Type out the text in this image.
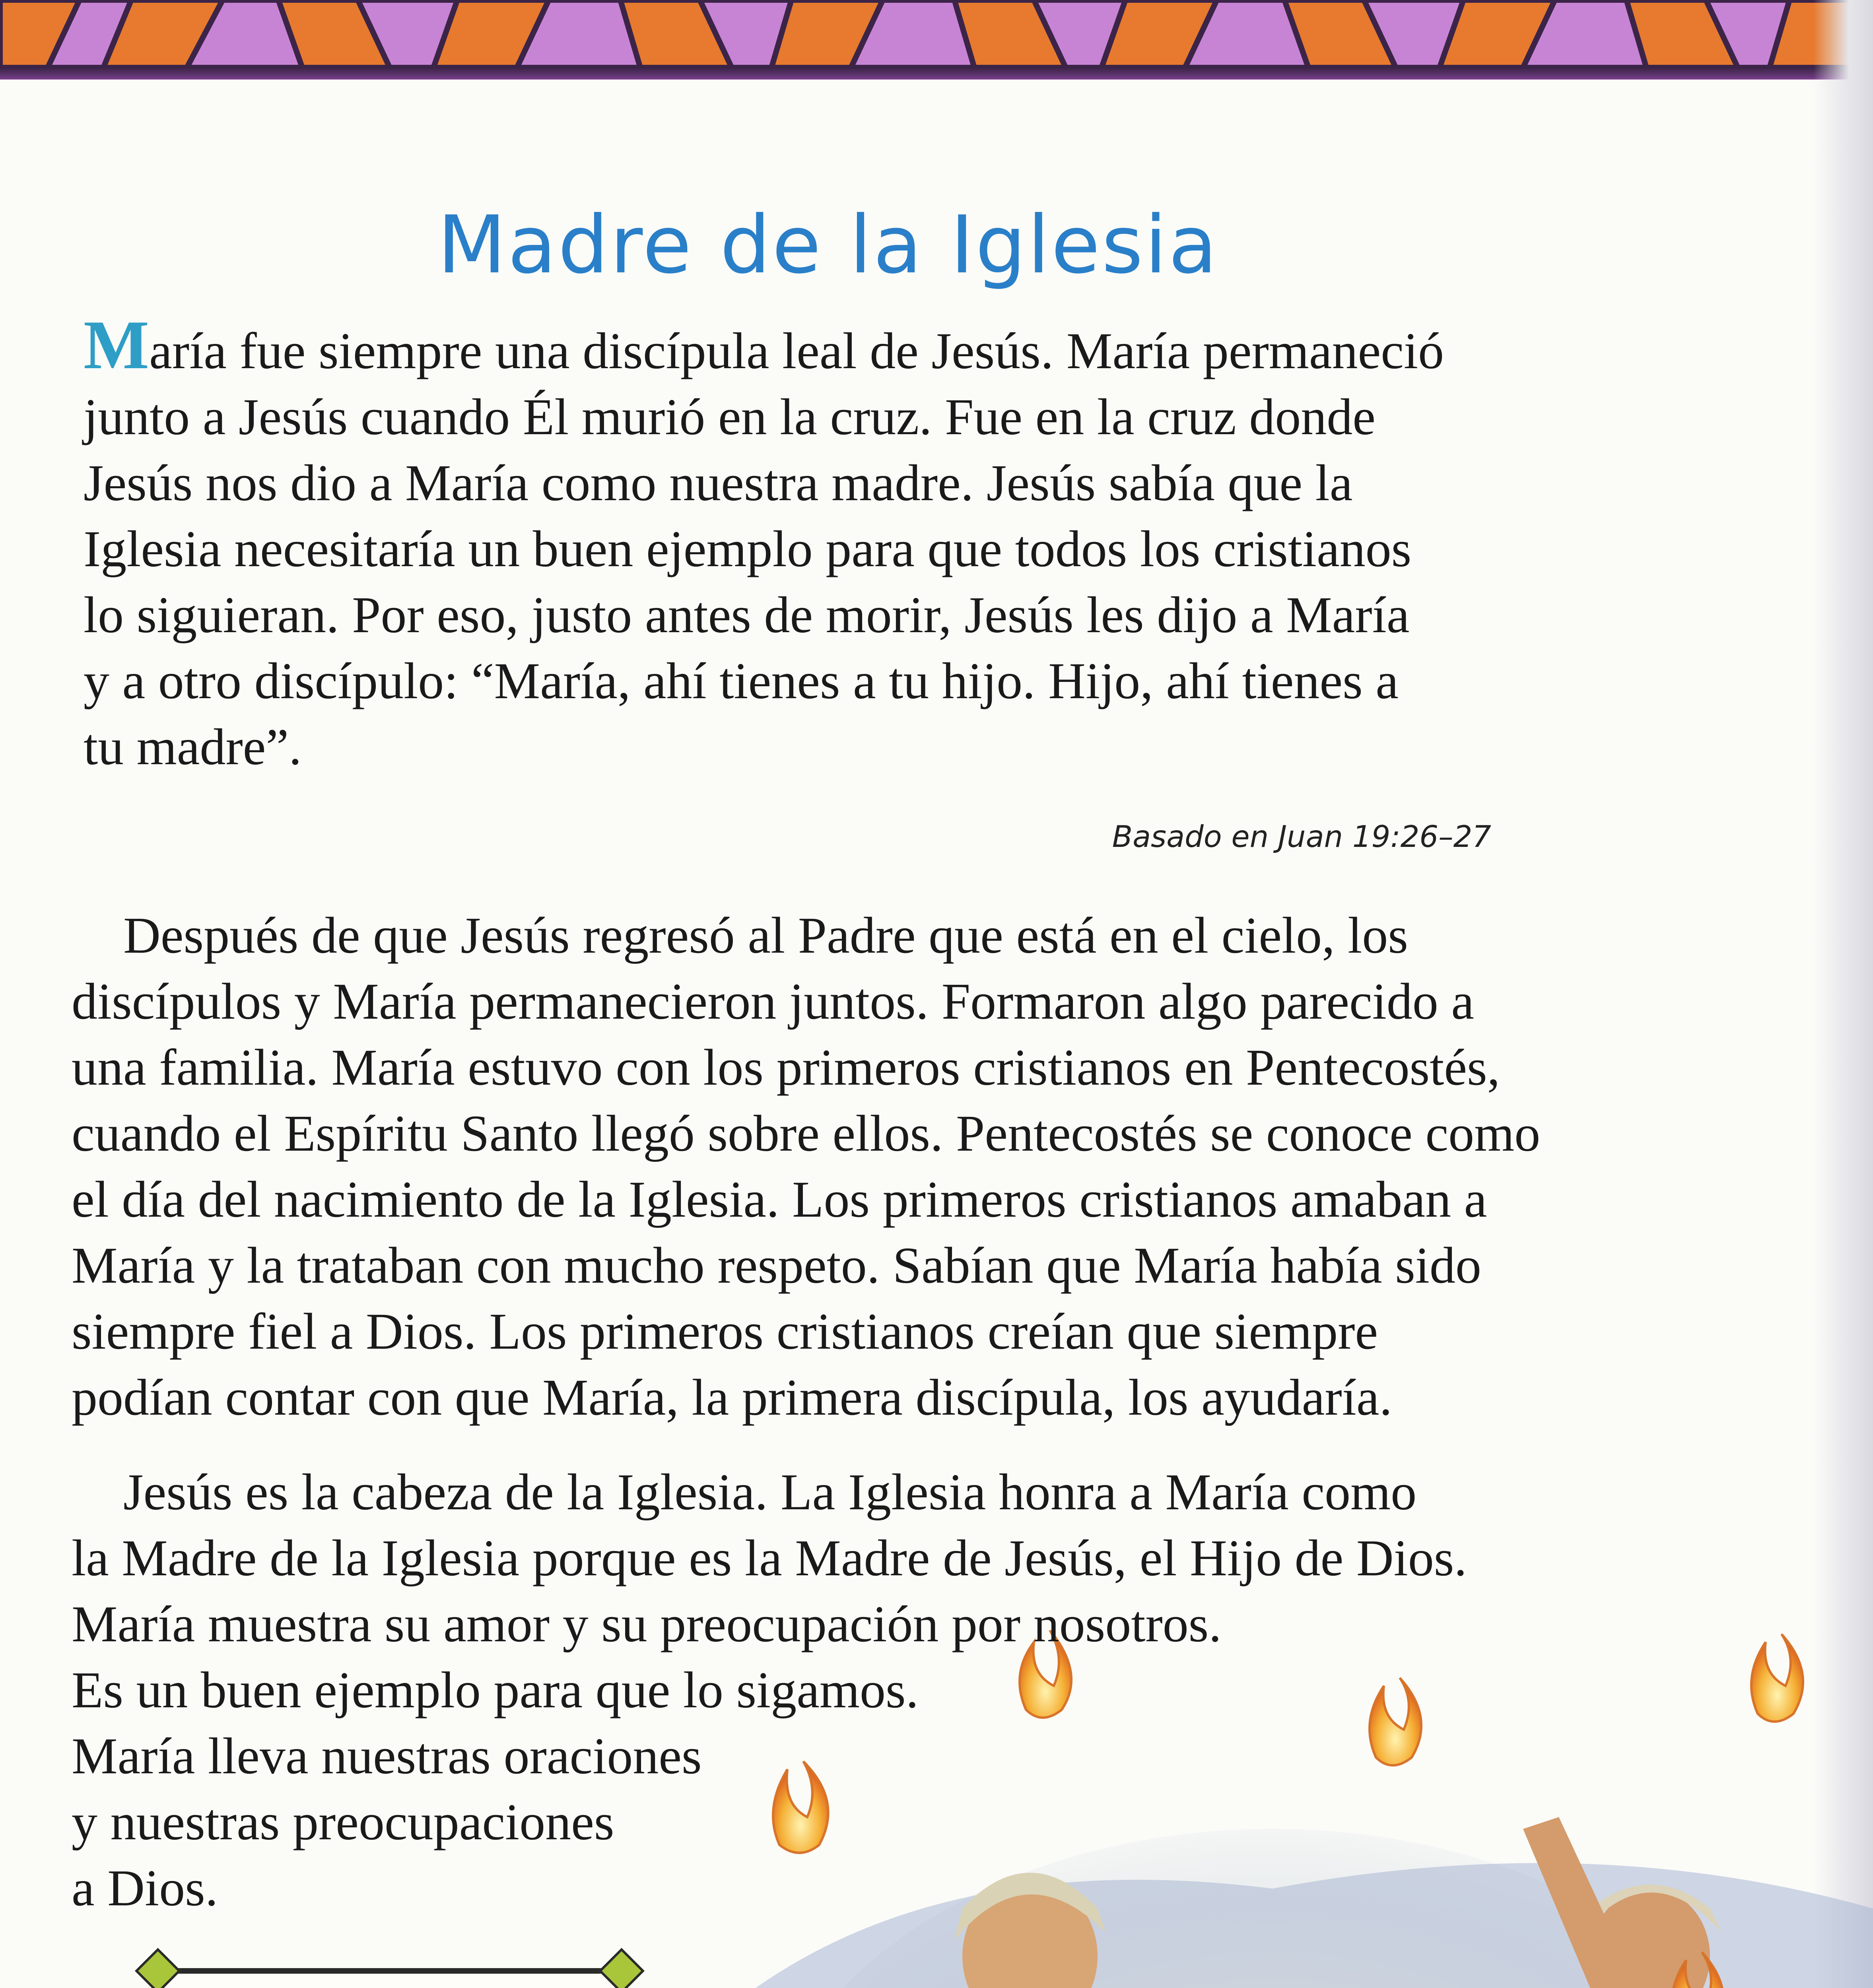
Madre de la Iglesia

María fue siempre una discípula leal de Jesús. María permaneció
junto a Jesús cuando Él murió en la cruz. Fue en la cruz donde
Jesús nos dio a María como nuestra madre. Jesús sabía que la
Iglesia necesitaría un buen ejemplo para que todos los cristianos
lo siguieran. Por eso, justo antes de morir, Jesús les dijo a María
y a otro discípulo: “María, ahí tienes a tu hijo. Hijo, ahí tienes a
tu madre”.

Basado en Juan 19:26–27

Después de que Jesús regresó al Padre que está en el cielo, los
discípulos y María permanecieron juntos. Formaron algo parecido a
una familia. María estuvo con los primeros cristianos en Pentecostés,
cuando el Espíritu Santo llegó sobre ellos. Pentecostés se conoce como
el día del nacimiento de la Iglesia. Los primeros cristianos amaban a
María y la trataban con mucho respeto. Sabían que María había sido
siempre fiel a Dios. Los primeros cristianos creían que siempre
podían contar con que María, la primera discípula, los ayudaría.

Jesús es la cabeza de la Iglesia. La Iglesia honra a María como
la Madre de la Iglesia porque es la Madre de Jesús, el Hijo de Dios.
María muestra su amor y su preocupación por nosotros.
Es un buen ejemplo para que lo sigamos.
María lleva nuestras oraciones
y nuestras preocupaciones
a Dios.
